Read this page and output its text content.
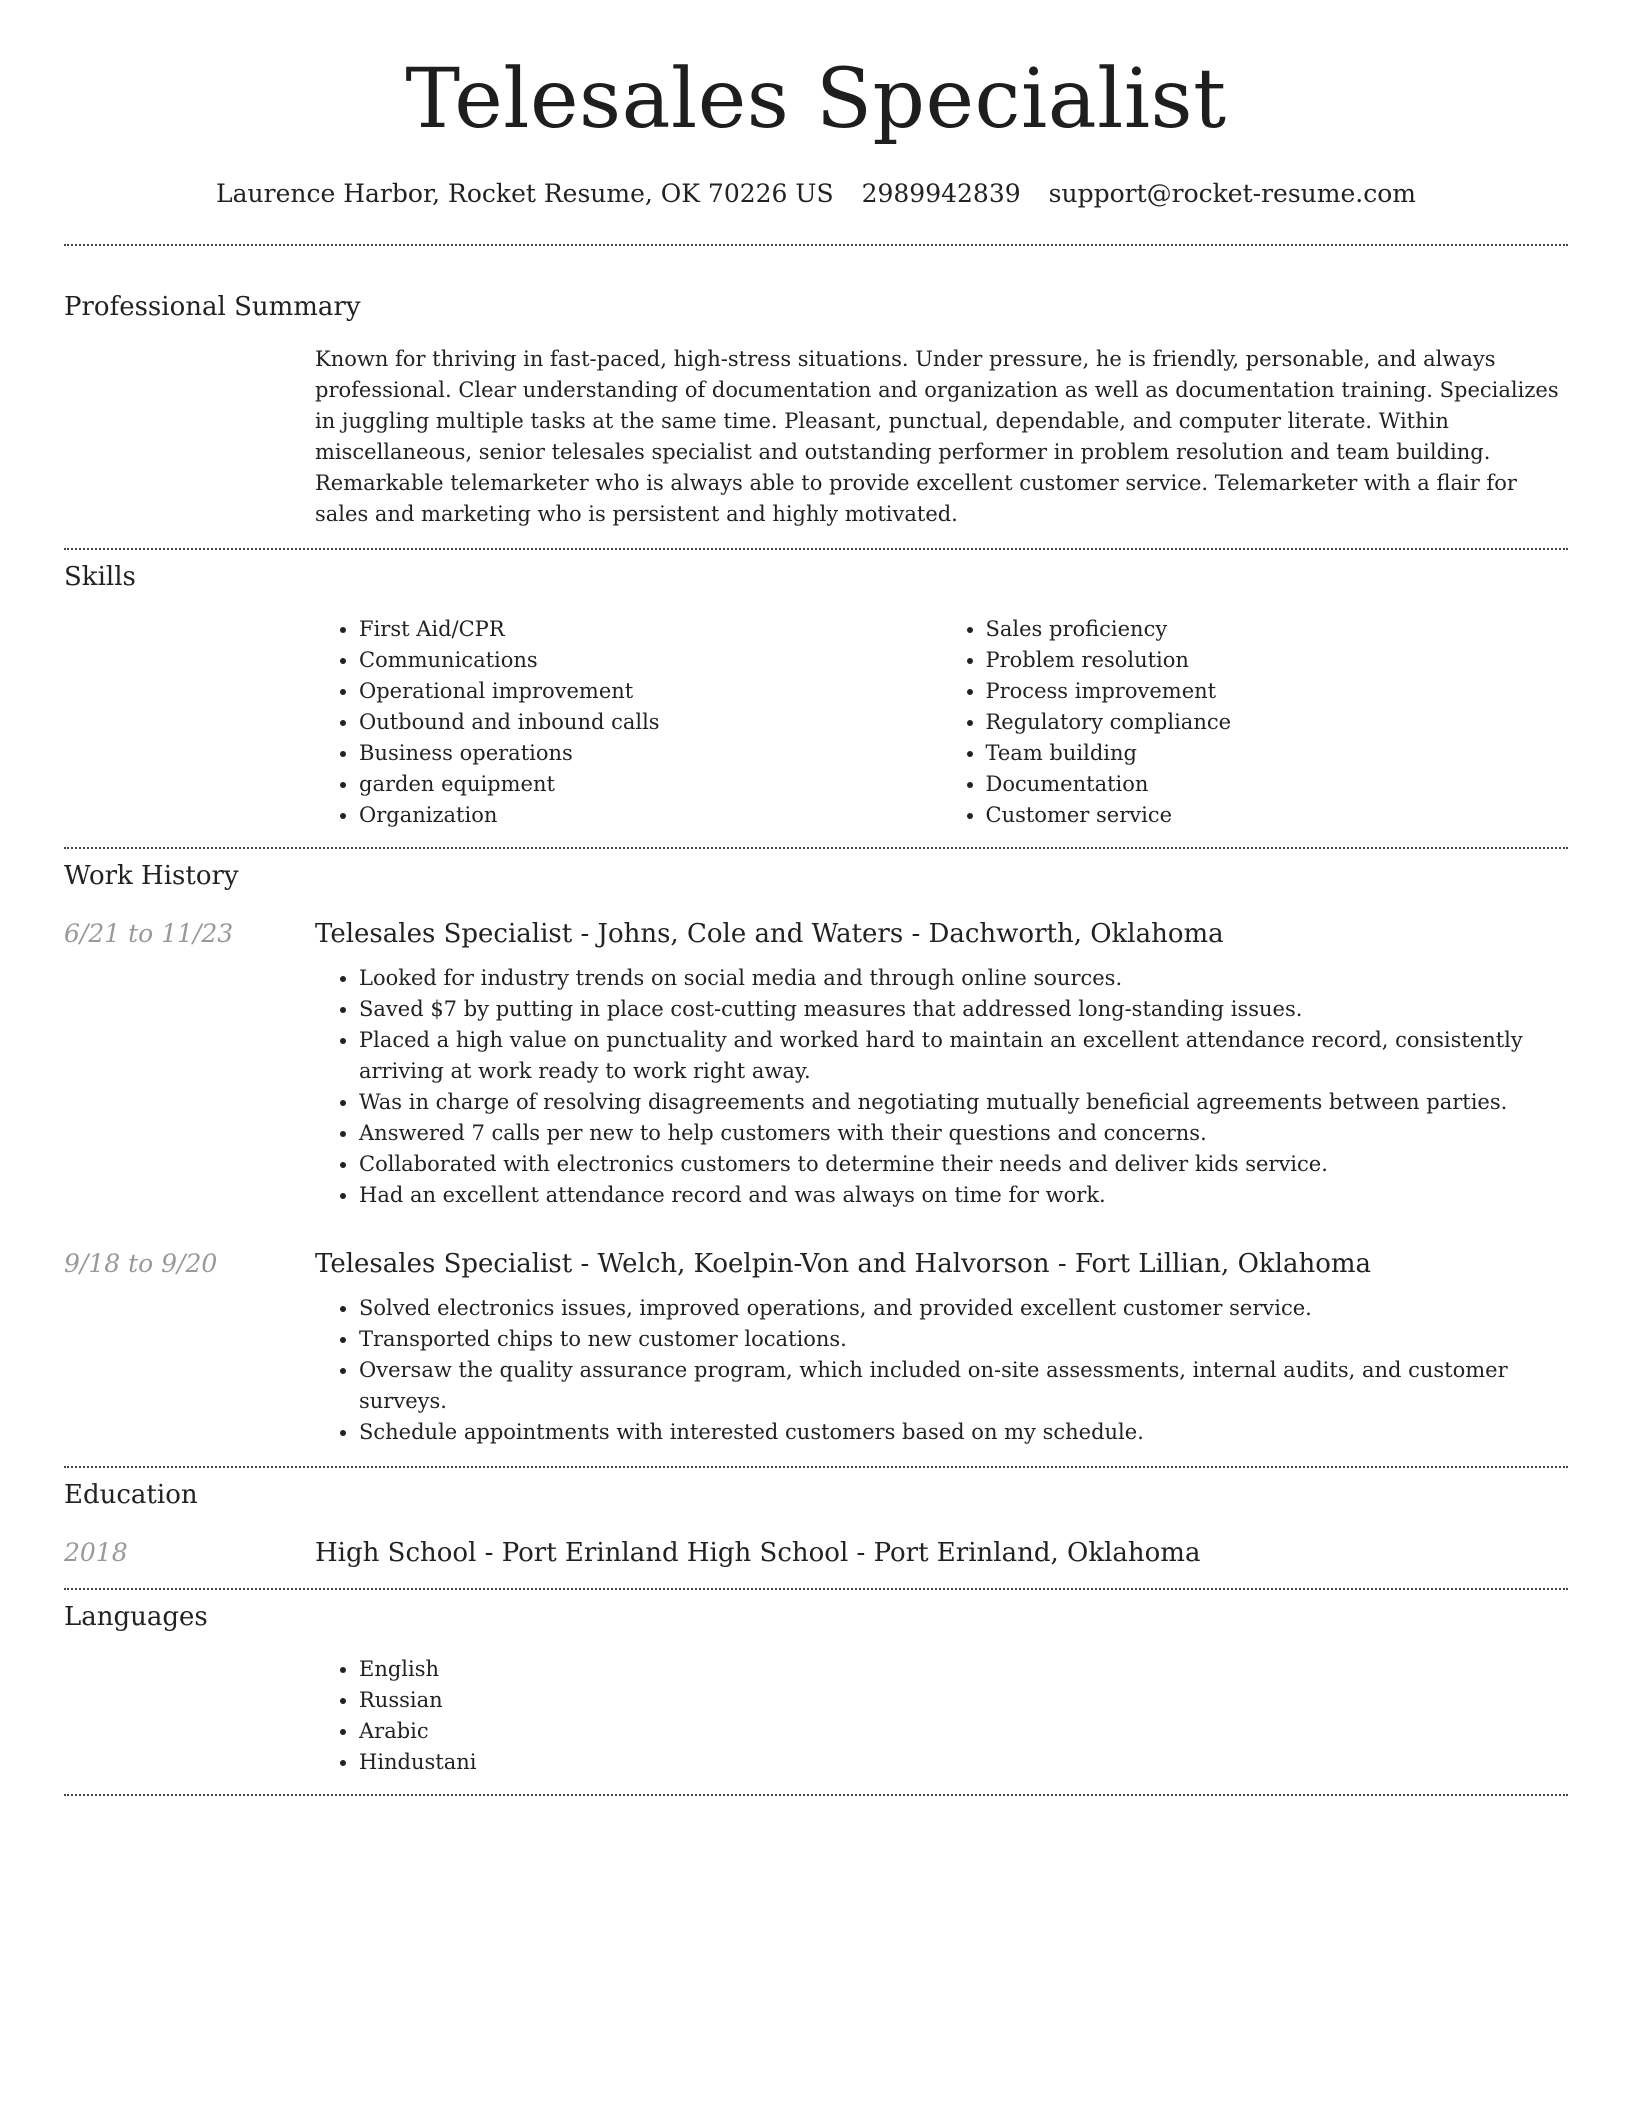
Telesales Specialist
Laurence Harbor, Rocket Resume, OK 70226 US 2989942839 support@rocket-resume.com
Professional Summary

Known for thriving in fast-paced, high-stress situations. Under pressure, he is friendly, personable, and always professional. Clear understanding of documentation and organization as well as documentation training. Specializes in juggling multiple tasks at the same time. Pleasant, punctual, dependable, and computer literate. Within miscellaneous, senior telesales specialist and outstanding performer in problem resolution and team building. Remarkable telemarketer who is always able to provide excellent customer service. Telemarketer with a flair for sales and marketing who is persistent and highly motivated.

Skills
• First Aid/CPR
• Communications
• Operational improvement
• Outbound and inbound calls
• Business operations
• garden equipment
• Organization
• Sales proficiency
• Problem resolution
• Process improvement
• Regulatory compliance
• Team building
• Documentation
• Customer service
Work History
6/21 to 11/23	Telesales Specialist - Johns, Cole and Waters - Dachworth, Oklahoma
• Looked for industry trends on social media and through online sources.
• Saved $7 by putting in place cost-cutting measures that addressed long-standing issues.
• Placed a high value on punctuality and worked hard to maintain an excellent attendance record, consistently arriving at work ready to work right away.
• Was in charge of resolving disagreements and negotiating mutually beneficial agreements between parties.
• Answered 7 calls per new to help customers with their questions and concerns.
• Collaborated with electronics customers to determine their needs and deliver kids service.
• Had an excellent attendance record and was always on time for work.
9/18 to 9/20	Telesales Specialist - Welch, Koelpin-Von and Halvorson - Fort Lillian, Oklahoma
• Solved electronics issues, improved operations, and provided excellent customer service.
• Transported chips to new customer locations.
• Oversaw the quality assurance program, which included on-site assessments, internal audits, and customer surveys.
• Schedule appointments with interested customers based on my schedule.
Education
2018	High School - Port Erinland High School - Port Erinland, Oklahoma
Languages
• English
• Russian
• Arabic
• Hindustani
